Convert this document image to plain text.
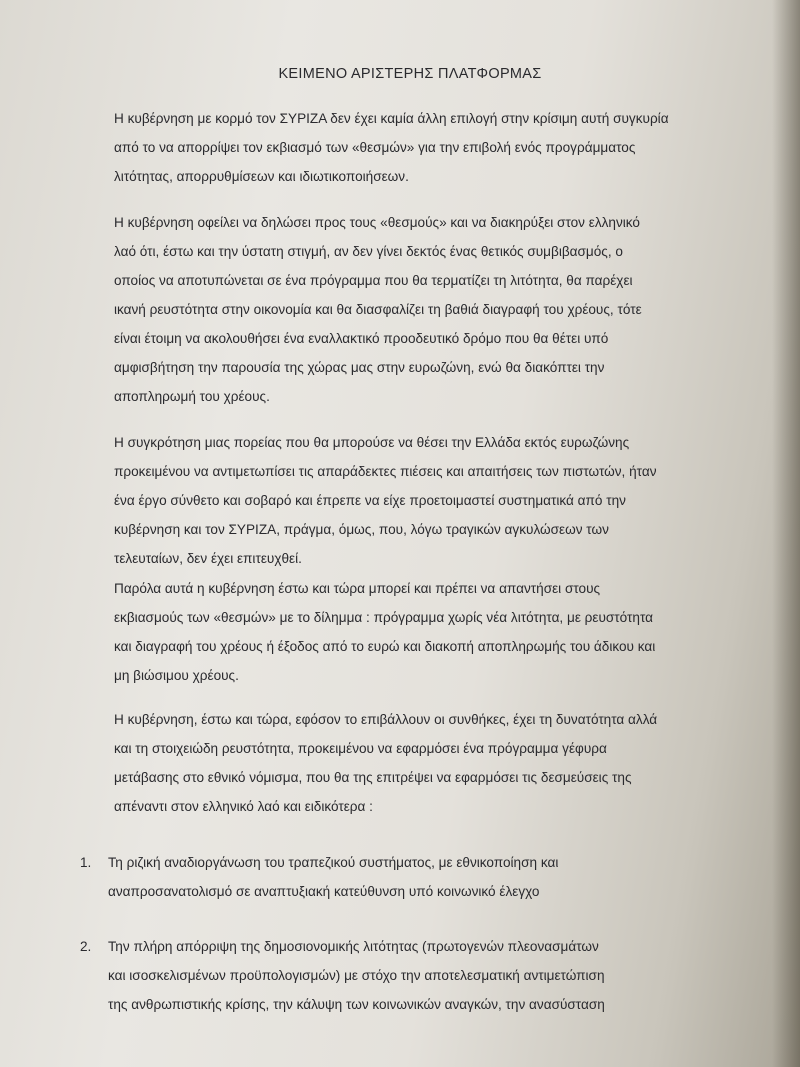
ΚΕΙΜΕΝΟ ΑΡΙΣΤΕΡΗΣ ΠΛΑΤΦΟΡΜΑΣ

Η κυβέρνηση με κορμό τον ΣΥΡΙΖΑ δεν έχει καμία άλλη επιλογή στην κρίσιμη αυτή συγκυρία
από το να απορρίψει τον εκβιασμό των «θεσμών» για την επιβολή ενός προγράμματος
λιτότητας, απορρυθμίσεων και ιδιωτικοποιήσεων.

Η κυβέρνηση οφείλει να δηλώσει προς τους «θεσμούς» και να διακηρύξει στον ελληνικό
λαό ότι, έστω και την ύστατη στιγμή, αν δεν γίνει δεκτός ένας θετικός συμβιβασμός, ο
οποίος να αποτυπώνεται σε ένα πρόγραμμα που θα τερματίζει τη λιτότητα, θα παρέχει
ικανή ρευστότητα στην οικονομία και θα διασφαλίζει τη βαθιά διαγραφή του χρέους, τότε
είναι έτοιμη να ακολουθήσει ένα εναλλακτικό προοδευτικό δρόμο που θα θέτει υπό
αμφισβήτηση την παρουσία της χώρας μας στην ευρωζώνη, ενώ θα διακόπτει την
αποπληρωμή του χρέους.

Η συγκρότηση μιας πορείας που θα μπορούσε να θέσει την Ελλάδα εκτός ευρωζώνης
προκειμένου να αντιμετωπίσει τις απαράδεκτες πιέσεις και απαιτήσεις των πιστωτών, ήταν
ένα έργο σύνθετο και σοβαρό και έπρεπε να είχε προετοιμαστεί συστηματικά από την
κυβέρνηση και τον ΣΥΡΙΖΑ, πράγμα, όμως, που, λόγω τραγικών αγκυλώσεων των
τελευταίων, δεν έχει επιτευχθεί.

Παρόλα αυτά η κυβέρνηση έστω και τώρα μπορεί και πρέπει να απαντήσει στους
εκβιασμούς των «θεσμών» με το δίλημμα : πρόγραμμα χωρίς νέα λιτότητα, με ρευστότητα
και διαγραφή του χρέους ή έξοδος από το ευρώ και διακοπή αποπληρωμής του άδικου και
μη βιώσιμου χρέους.

Η κυβέρνηση, έστω και τώρα, εφόσον το επιβάλλουν οι συνθήκες, έχει τη δυνατότητα αλλά
και τη στοιχειώδη ρευστότητα, προκειμένου να εφαρμόσει ένα πρόγραμμα γέφυρα
μετάβασης στο εθνικό νόμισμα, που θα της επιτρέψει να εφαρμόσει τις δεσμεύσεις της
απέναντι στον ελληνικό λαό και ειδικότερα :

1. Τη ριζική αναδιοργάνωση του τραπεζικού συστήματος, με εθνικοποίηση και
αναπροσανατολισμό σε αναπτυξιακή κατεύθυνση υπό κοινωνικό έλεγχο
2. Την πλήρη απόρριψη της δημοσιονομικής λιτότητας (πρωτογενών πλεονασμάτων
και ισοσκελισμένων προϋπολογισμών) με στόχο την αποτελεσματική αντιμετώπιση
της ανθρωπιστικής κρίσης, την κάλυψη των κοινωνικών αναγκών, την ανασύσταση
